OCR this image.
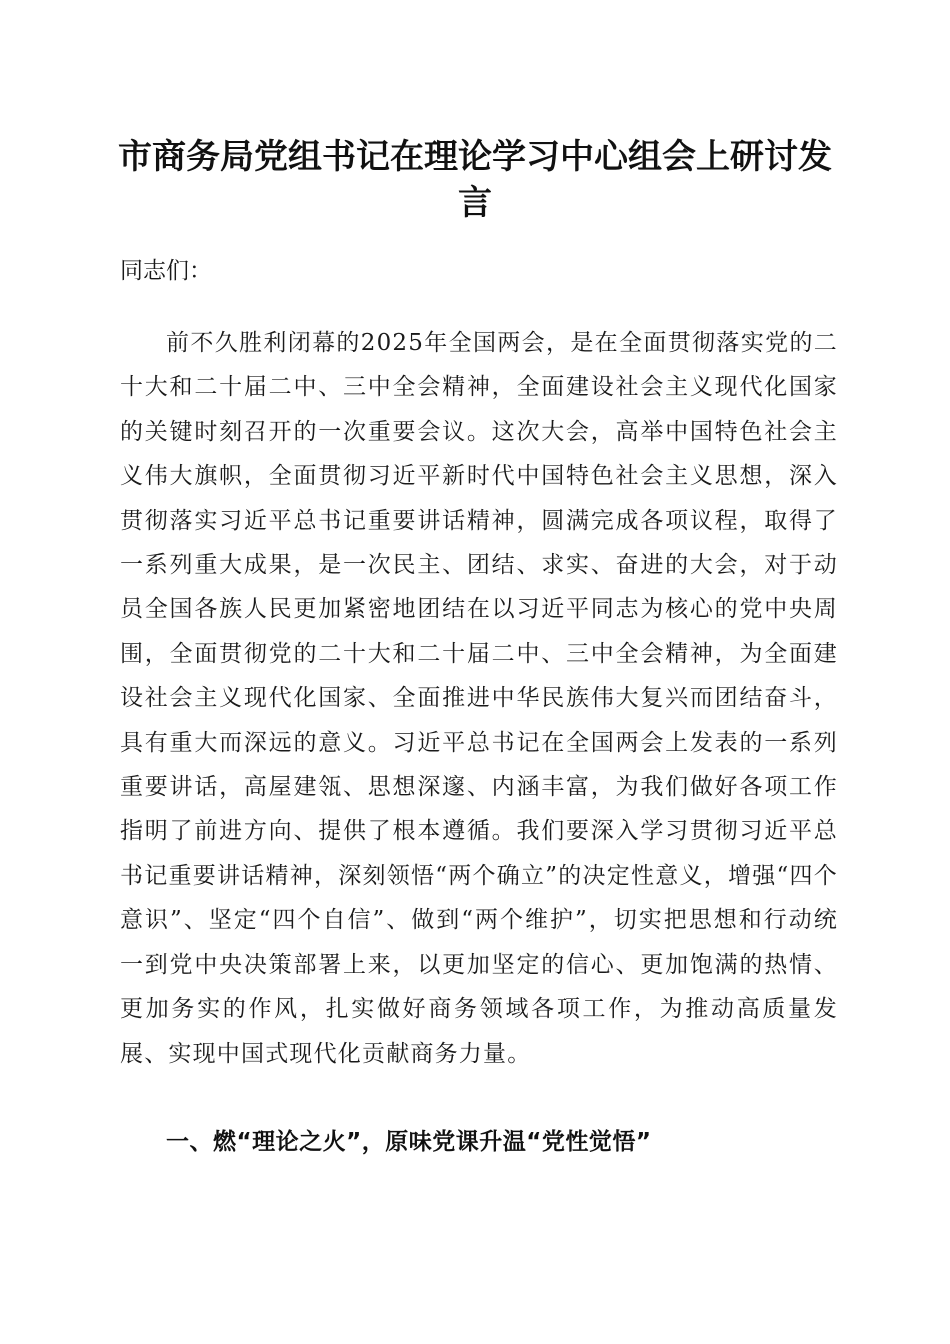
市商务局党组书记在理论学习中心组会上研讨发言
同志们：

前不久胜利闭幕的2025年全国两会，是在全面贯彻落实党的二十大和二十届二中、三中全会精神，全面建设社会主义现代化国家的关键时刻召开的一次重要会议。这次大会，高举中国特色社会主义伟大旗帜，全面贯彻习近平新时代中国特色社会主义思想，深入贯彻落实习近平总书记重要讲话精神，圆满完成各项议程，取得了一系列重大成果，是一次民主、团结、求实、奋进的大会，对于动员全国各族人民更加紧密地团结在以习近平同志为核心的党中央周围，全面贯彻党的二十大和二十届二中、三中全会精神，为全面建设社会主义现代化国家、全面推进中华民族伟大复兴而团结奋斗，具有重大而深远的意义。习近平总书记在全国两会上发表的一系列重要讲话，高屋建瓴、思想深邃、内涵丰富，为我们做好各项工作指明了前进方向、提供了根本遵循。我们要深入学习贯彻习近平总书记重要讲话精神，深刻领悟“两个确立”的决定性意义，增强“四个意识”、坚定“四个自信”、做到“两个维护”，切实把思想和行动统一到党中央决策部署上来，以更加坚定的信心、更加饱满的热情、更加务实的作风，扎实做好商务领域各项工作，为推动高质量发展、实现中国式现代化贡献商务力量。

一、燃“理论之火”，原味党课升温“党性觉悟”
